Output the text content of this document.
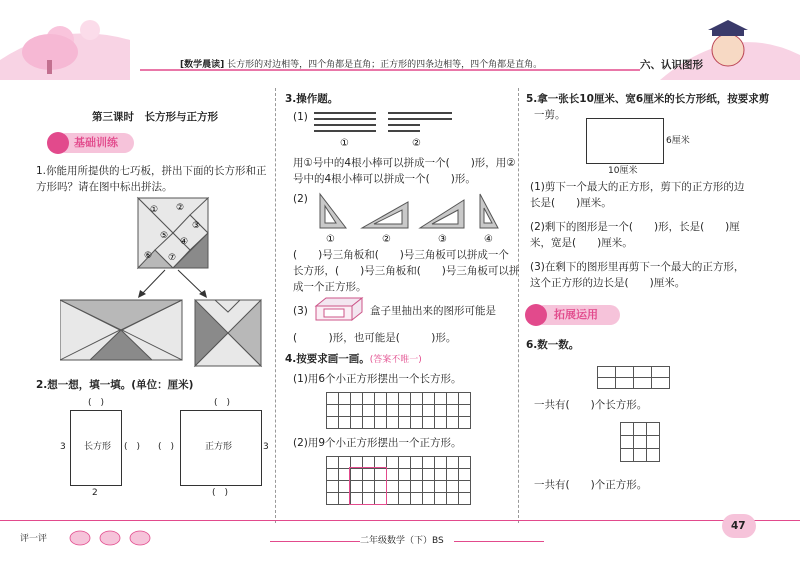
[数学晨读] 长方形的对边相等，四个角都是直角；正方形的四条边相等，四个角都是直角。	六、认识图形
第三课时　长方形与正方形
基础训练
1.你能用所提供的七巧板，拼出下面的长方形和正
方形吗？请在图中标出拼法。
① ②
③
⑤
④
⑥ ⑦
2.想一想，填一填。(单位：厘米)
(　)
长方形
3	(　)
2
(　)
正方形
(　)	3
(　)
3.操作题。
(1)
①	②
用①号中的4根小棒可以拼成一个(　　)形，用②
号中的4根小棒可以拼成一个(　　)形。
(2)
①	②	③	④
(　　)号三角板和(　　)号三角板可以拼成一个
长方形，(　　)号三角板和(　　)号三角板可以拼
成一个正方形。
(3)	盒子里抽出来的图形可能是
(　　　)形，也可能是(　　　)形。
4.按要求画一画。(答案不唯一)
(1)用6个小正方形摆出一个长方形。
(2)用9个小正方形摆出一个正方形。
5.拿一张长10厘米、宽6厘米的长方形纸，按要求剪
一剪。
6厘米
10厘米
(1)剪下一个最大的正方形，剪下的正方形的边
长是(　　)厘米。
(2)剩下的图形是一个(　　)形，长是(　　)厘
米，宽是(　　)厘米。
(3)在剩下的图形里再剪下一个最大的正方形，
这个正方形的边长是(　　)厘米。
拓展运用
6.数一数。
一共有(　　)个长方形。
一共有(　　)个正方形。
评一评	二年级数学（下）BS
47
